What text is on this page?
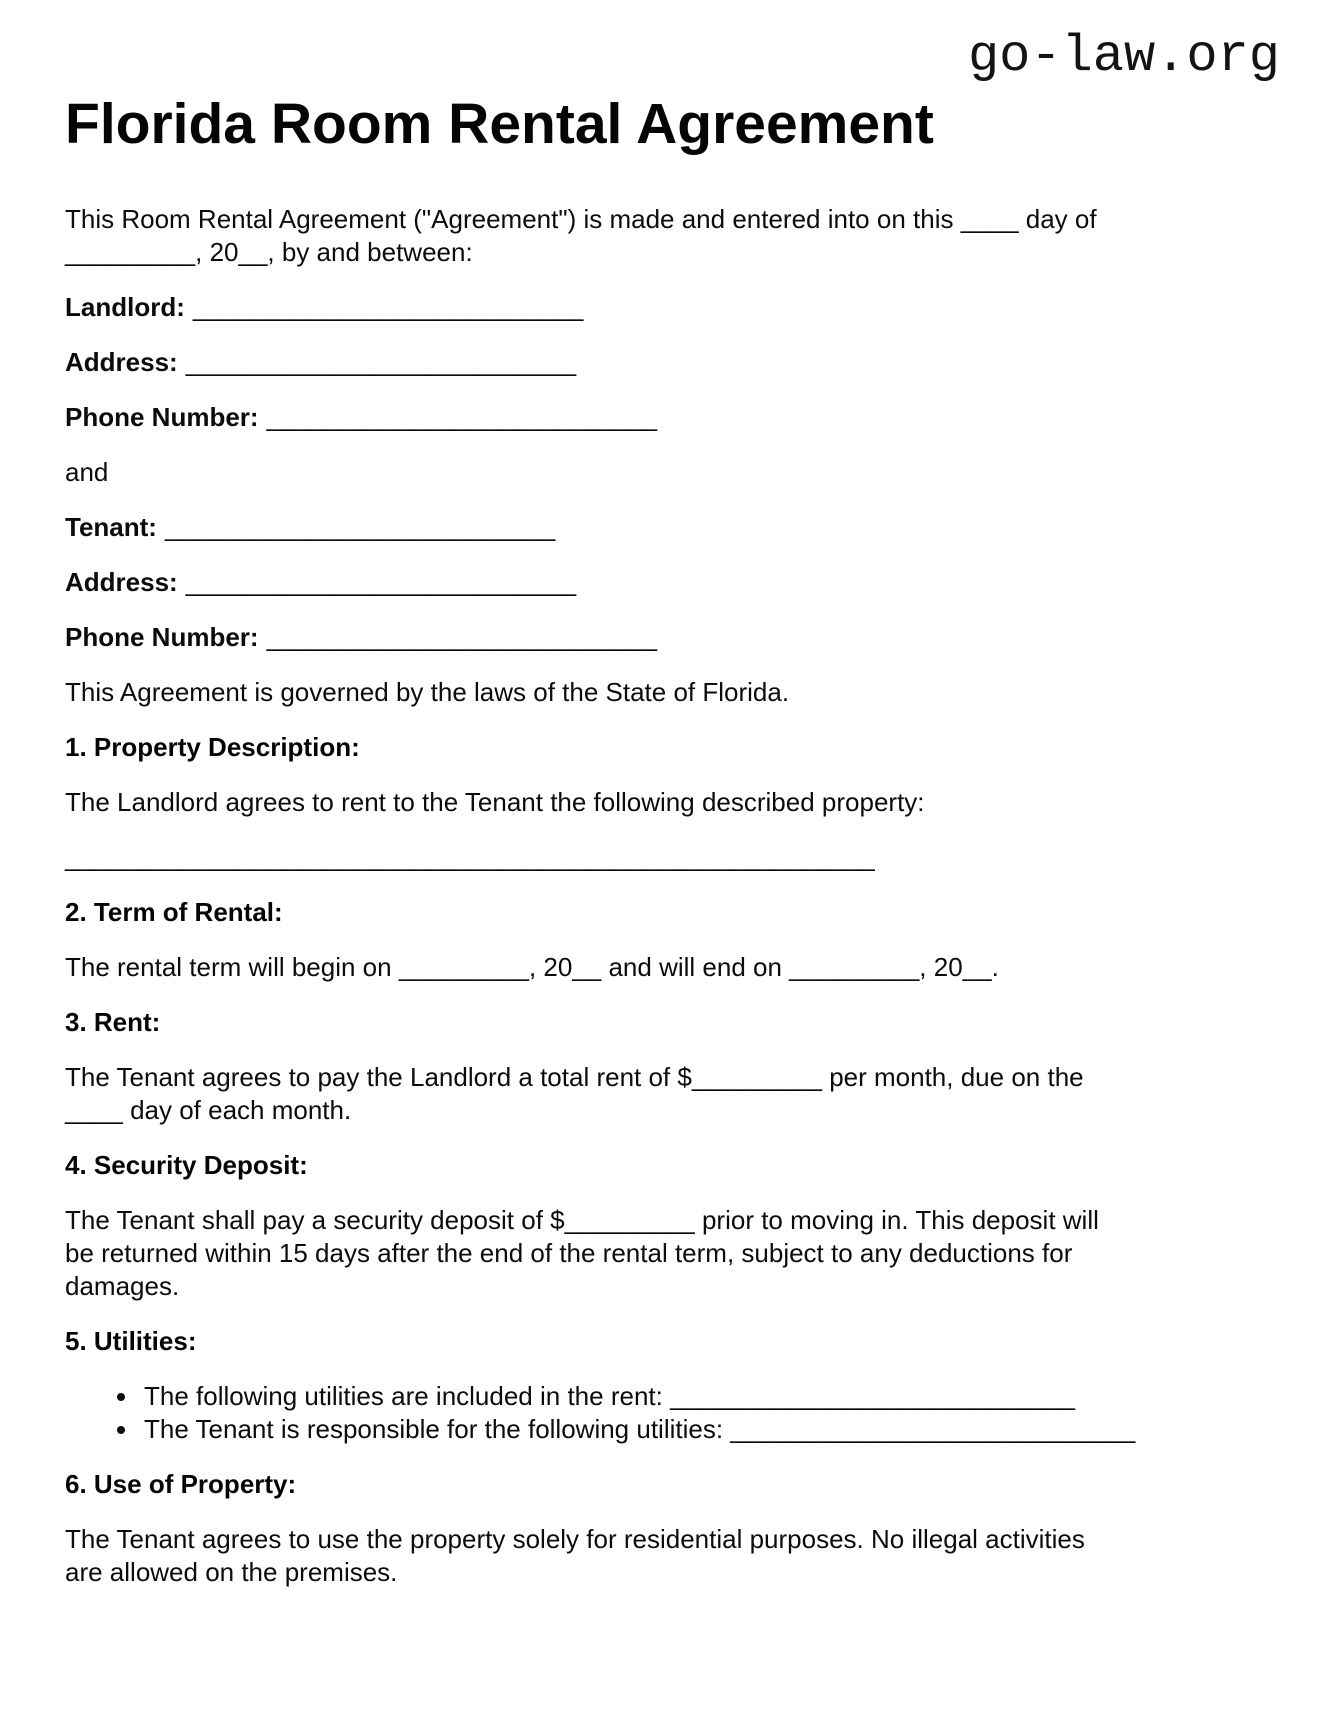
go-law.org
Florida Room Rental Agreement

This Room Rental Agreement ("Agreement") is made and entered into on this ____ day of
_________, 20__, by and between:

Landlord: ___________________________

Address: ___________________________

Phone Number: ___________________________

and

Tenant: ___________________________

Address: ___________________________

Phone Number: ___________________________

This Agreement is governed by the laws of the State of Florida.

1. Property Description:

The Landlord agrees to rent to the Tenant the following described property:

________________________________________________________

2. Term of Rental:

The rental term will begin on _________, 20__ and will end on _________, 20__.

3. Rent:

The Tenant agrees to pay the Landlord a total rent of $_________ per month, due on the
____ day of each month.

4. Security Deposit:

The Tenant shall pay a security deposit of $_________ prior to moving in. This deposit will
be returned within 15 days after the end of the rental term, subject to any deductions for
damages.

5. Utilities:
• The following utilities are included in the rent: ____________________________
• The Tenant is responsible for the following utilities: ____________________________
6. Use of Property:

The Tenant agrees to use the property solely for residential purposes. No illegal activities
are allowed on the premises.
